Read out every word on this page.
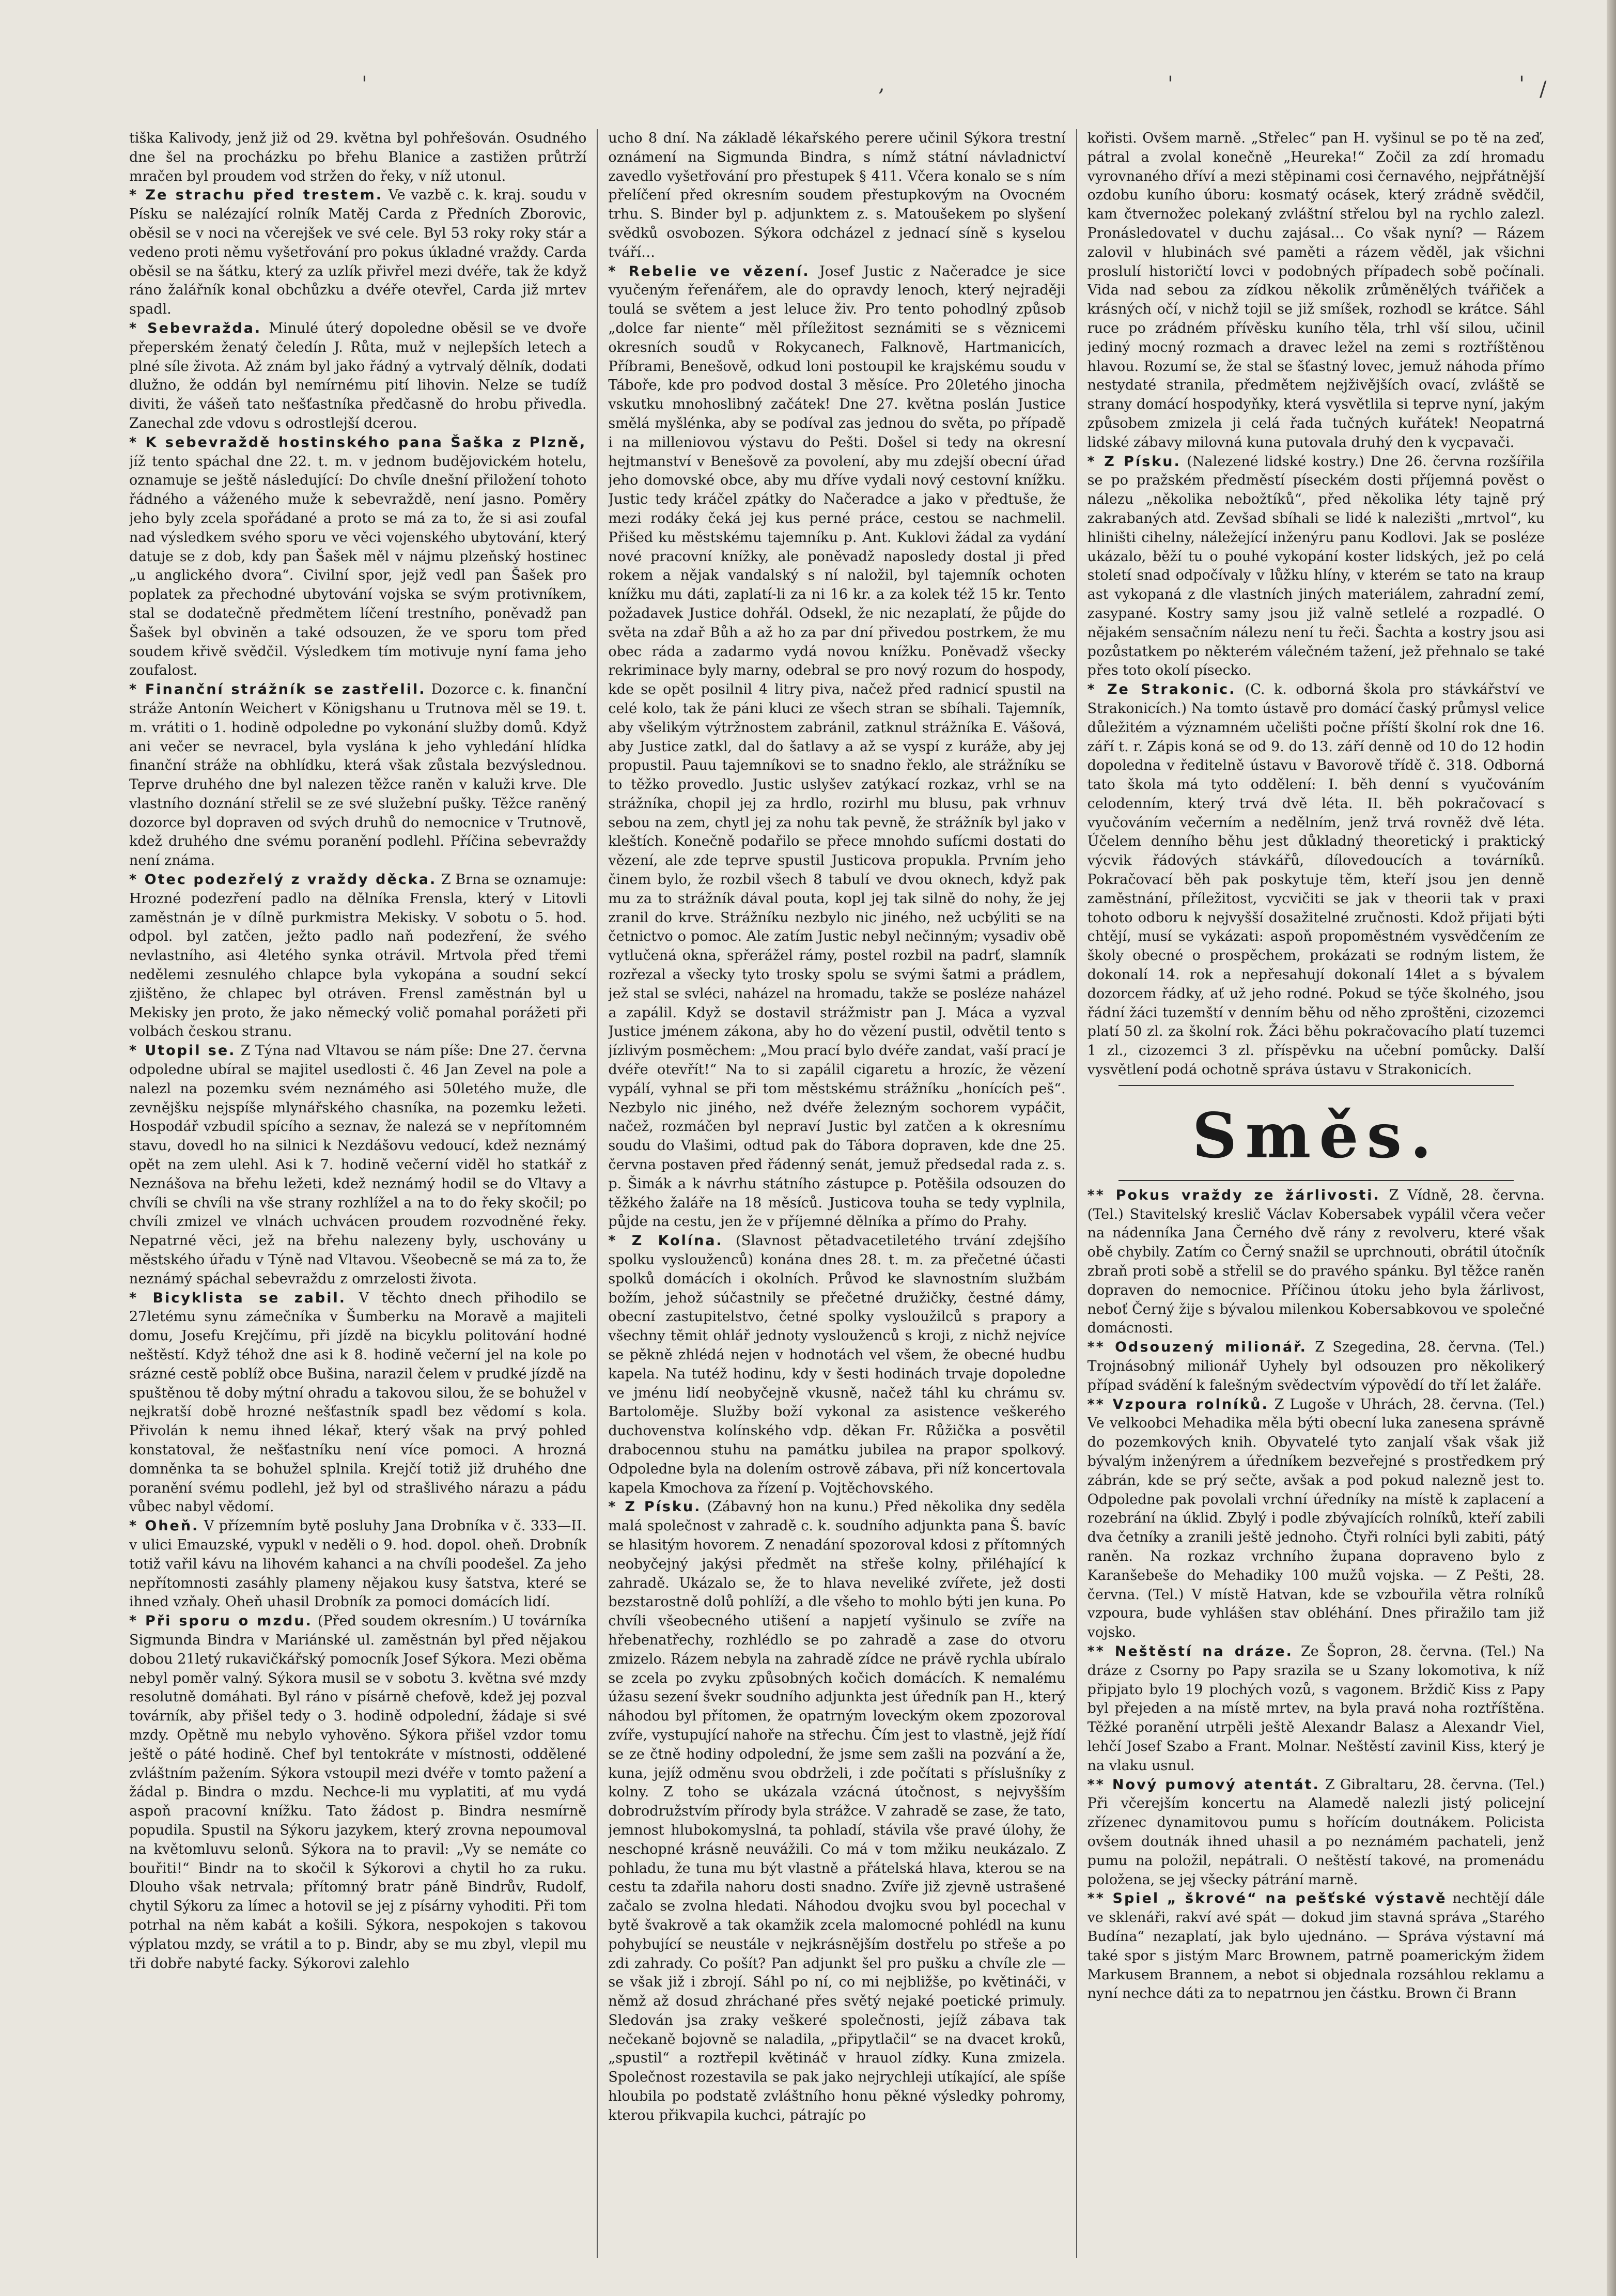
'	,	'	' /

tiška Kalivody, jenž již od 29. května byl pohřešován. Osudného dne šel na procházku po břehu Blanice a zastižen průtrží mračen byl proudem vod stržen do řeky, v níž utonul.

* Ze strachu před trestem. Ve vazbě c. k. kraj. soudu v Písku se nalézající rolník Matěj Carda z Předních Zborovic, oběsil se v noci na včerejšek ve své cele. Byl 53 roky roky stár a vedeno proti němu vyšetřování pro pokus úkladné vraždy. Carda oběsil se na šátku, který za uzlík přivřel mezi dvéře, tak že když ráno žalářník konal obchůzku a dvéře otevřel, Carda již mrtev spadl.

* Sebevražda. Minulé úterý dopoledne oběsil se ve dvoře přeperském ženatý čeledín J. Růta, muž v nejlepších letech a plné síle života. Až znám byl jako řádný a vytrvalý dělník, dodati dlužno, že oddán byl nemírnému pití lihovin. Nelze se tudíž diviti, že vášeň tato nešťastníka předčasně do hrobu přivedla. Zanechal zde vdovu s odrostlejší dcerou.

* K sebevraždě hostinského pana Šaška z Plzně, jíž tento spáchal dne 22. t. m. v jednom budějovickém hotelu, oznamuje se ještě následující: Do chvíle dnešní přiložení tohoto řádného a váženého muže k sebevraždě, není jasno. Poměry jeho byly zcela spořádané a proto se má za to, že si asi zoufal nad výsledkem svého sporu ve věci vojenského ubytování, který datuje se z dob, kdy pan Šašek měl v nájmu plzeňský hostinec „u anglického dvora“. Civilní spor, jejž vedl pan Šašek pro poplatek za přechodné ubytování vojska se svým protivníkem, stal se dodatečně předmětem líčení trestního, poněvadž pan Šašek byl obviněn a také odsouzen, že ve sporu tom před soudem křivě svědčil. Výsledkem tím motivuje nyní fama jeho zoufalost.

* Finanční strážník se zastřelil. Dozorce c. k. finanční stráže Antonín Weichert v Königshanu u Trutnova měl se 19. t. m. vrátiti o 1. hodině odpoledne po vykonání služby domů. Když ani večer se nevracel, byla vyslána k jeho vyhledání hlídka finanční stráže na obhlídku, která však zůstala bezvýslednou. Teprve druhého dne byl nalezen těžce raněn v kaluži krve. Dle vlastního doznání střelil se ze své služební pušky. Těžce raněný dozorce byl dopraven od svých druhů do nemocnice v Trutnově, kdež druhého dne svému poranění podlehl. Příčina sebevraždy není známa.

* Otec podezřelý z vraždy děcka. Z Brna se oznamuje: Hrozné podezření padlo na dělníka Frensla, který v Litovli zaměstnán je v dílně purkmistra Mekisky. V sobotu o 5. hod. odpol. byl zatčen, ježto padlo naň podezření, že svého nevlastního, asi 4letého synka otrávil. Mrtvola před třemi nedělemi zesnulého chlapce byla vykopána a soudní sekcí zjištěno, že chlapec byl otráven. Frensl zaměstnán byl u Mekisky jen proto, že jako německý volič pomahal porážeti při volbách českou stranu.

* Utopil se. Z Týna nad Vltavou se nám píše: Dne 27. června odpoledne ubíral se majitel usedlosti č. 46 Jan Zevel na pole a nalezl na pozemku svém neznámého asi 50letého muže, dle zevnějšku nejspíše mlynářského chasníka, na pozemku ležeti. Hospodář vzbudil spícího a seznav, že nalezá se v nepřítomném stavu, dovedl ho na silnici k Nezdášovu vedoucí, kdež neznámý opět na zem ulehl. Asi k 7. hodině večerní viděl ho statkář z Neznášova na břehu ležeti, kdež neznámý hodil se do Vltavy a chvíli se chvíli na vše strany rozhlížel a na to do řeky skočil; po chvíli zmizel ve vlnách uchvácen proudem rozvodněné řeky. Nepatrné věci, jež na břehu nalezeny byly, uschovány u městského úřadu v Týně nad Vltavou. Všeobecně se má za to, že neznámý spáchal sebevraždu z omrzelosti života.

* Bicyklista se zabil. V těchto dnech přihodilo se 27letému synu zámečníka v Šumberku na Moravě a majiteli domu, Josefu Krejčímu, při jízdě na bicyklu politování hodné neštěstí. Když téhož dne asi k 8. hodině večerní jel na kole po srázné cestě poblíž obce Bušina, narazil čelem v prudké jízdě na spuštěnou tě doby mýtní ohradu a takovou silou, že se bohužel v nejkratší době hrozné nešťastník spadl bez vědomí s kola. Přivolán k nemu ihned lékař, který však na prvý pohled konstatoval, že nešťastníku není více pomoci. A hrozná domněnka ta se bohužel splnila. Krejčí totiž již druhého dne poranění svému podlehl, jež byl od strašlivého nárazu a pádu vůbec nabyl vědomí.

* Oheň. V přízemním bytě posluhy Jana Drobníka v č. 333—II. v ulici Emauzské, vypukl v neděli o 9. hod. dopol. oheň. Drobník totiž vařil kávu na lihovém kahanci a na chvíli poodešel. Za jeho nepřítomnosti zasáhly plameny nějakou kusy šatstva, které se ihned vzňaly. Oheň uhasil Drobník za pomoci domácích lidí.

* Při sporu o mzdu. (Před soudem okresním.) U továrníka Sigmunda Bindra v Mariánské ul. zaměstnán byl před nějakou dobou 21letý rukavičkářský pomocník Josef Sýkora. Mezi oběma nebyl poměr valný. Sýkora musil se v sobotu 3. května své mzdy resolutně domáhati. Byl ráno v písárně chefově, kdež jej pozval továrník, aby přišel tedy o 3. hodině odpolední, žádaje si své mzdy. Opětně mu nebylo vyhověno. Sýkora přišel vzdor tomu ještě o páté hodině. Chef byl tentokráte v místnosti, oddělené zvláštním pažením. Sýkora vstoupil mezi dvéře v tomto pažení a žádal p. Bindra o mzdu. Nechce-li mu vyplatiti, ať mu vydá aspoň pracovní knížku. Tato žádost p. Bindra nesmírně popudila. Spustil na Sýkoru jazykem, který zrovna nepoumoval na květomluvu selonů. Sýkora na to pravil: „Vy se nemáte co bouřiti!“ Bindr na to skočil k Sýkorovi a chytil ho za ruku. Dlouho však netrvala; přítomný bratr páně Bindrův, Rudolf, chytil Sýkoru za límec a hotovil se jej z písárny vyhoditi. Při tom potrhal na něm kabát a košili. Sýkora, nespokojen s takovou výplatou mzdy, se vrátil a to p. Bindr, aby se mu zbyl, vlepil mu tři dobře nabyté facky. Sýkorovi zalehlo

ucho 8 dní. Na základě lékařského perere učinil Sýkora trestní oznámení na Sigmunda Bindra, s nímž státní návladnictví zavedlo vyšetřování pro přestupek § 411. Včera konalo se s ním přelíčení před okresním soudem přestupkovým na Ovocném trhu. S. Binder byl p. adjunktem z. s. Matoušekem po slyšení svědků osvobozen. Sýkora odcházel z jednací síně s kyselou tváří…

* Rebelie ve vězení. Josef Justic z Načeradce je sice vyučeným řeřenářem, ale do opravdy lenoch, který nejraději toulá se světem a jest leluce živ. Pro tento pohodlný způsob „dolce far niente“ měl příležitost seznámiti se s věznicemi okresních soudů v Rokycanech, Falknově, Hartmanicích, Příbrami, Benešově, odkud loni postoupil ke krajskému soudu v Táboře, kde pro podvod dostal 3 měsíce. Pro 20letého jinocha vskutku mnohoslibný začátek! Dne 27. května poslán Justice smělá myšlénka, aby se podíval zas jednou do světa, po případě i na milleniovou výstavu do Pešti. Došel si tedy na okresní hejtmanství v Benešově za povolení, aby mu zdejší obecní úřad jeho domovské obce, aby mu dříve vydali nový cestovní knížku. Justic tedy kráčel zpátky do Načeradce a jako v předtuše, že mezi rodáky čeká jej kus perné práce, cestou se nachmelil. Přišed ku městskému tajemníku p. Ant. Kuklovi žádal za vydání nové pracovní knížky, ale poněvadž naposledy dostal ji před rokem a nějak vandalský s ní naložil, byl tajemník ochoten knížku mu dáti, zaplatí-li za ni 16 kr. a za kolek též 15 kr. Tento požadavek Justice dohřál. Odsekl, že nic nezaplatí, že půjde do světa na zdař Bůh a až ho za par dní přivedou postrkem, že mu obec ráda a zadarmo vydá novou knížku. Poněvadž všecky rekriminace byly marny, odebral se pro nový rozum do hospody, kde se opět posilnil 4 litry piva, načež před radnicí spustil na celé kolo, tak že páni kluci ze všech stran se sbíhali. Tajemník, aby všelikým výtržnostem zabránil, zatknul strážníka E. Vášová, aby Justice zatkl, dal do šatlavy a až se vyspí z kuráže, aby jej propustil. Pauu tajemníkovi se to snadno řeklo, ale strážníku se to těžko provedlo. Justic uslyšev zatýkací rozkaz, vrhl se na strážníka, chopil jej za hrdlo, rozirhl mu blusu, pak vrhnuv sebou na zem, chytl jej za nohu tak pevně, že strážník byl jako v kleštích. Konečně podařilo se přece mnohdo sufícmi dostati do vězení, ale zde teprve spustil Justicova propukla. Prvním jeho činem bylo, že rozbil všech 8 tabulí ve dvou oknech, když pak mu za to strážník dával pouta, kopl jej tak silně do nohy, že jej zranil do krve. Strážníku nezbylo nic jiného, než ucbýliti se na četnictvo o pomoc. Ale zatím Justic nebyl nečinným; vysadiv obě vytlučená okna, spřerážel rámy, postel rozbil na padrť, slamník rozřezal a všecky tyto trosky spolu se svými šatmi a prádlem, jež stal se svléci, naházel na hromadu, takže se posléze naházel a zapálil. Když se dostavil strážmistr pan J. Máca a vyzval Justice jménem zákona, aby ho do vězení pustil, odvětil tento s jízlivým posměchem: „Mou prací bylo dvéře zandat, vaší prací je dvéře otevřít!“ Na to si zapálil cigaretu a hrozíc, že vězení vypálí, vyhnal se při tom městskému strážníku „honících peš“. Nezbylo nic jiného, než dvéře železným sochorem vypáčit, načež, rozmáčen byl nepraví Justic byl zatčen a k okresnímu soudu do Vlašimi, odtud pak do Tábora dopraven, kde dne 25. června postaven před řádenný senát, jemuž předsedal rada z. s. p. Šimák a k návrhu státního zástupce p. Potěšila odsouzen do těžkého žaláře na 18 měsíců. Justicova touha se tedy vyplnila, půjde na cestu, jen že v příjemné dělníka a přímo do Prahy.

* Z Kolína. (Slavnost pětadvacetiletého trvání zdejšího spolku vyslouženců) konána dnes 28. t. m. za přečetné účasti spolků domácích i okolních. Průvod ke slavnostním službám božím, jehož súčastnily se přečetné družičky, čestné dámy, obecní zastupitelstvo, četné spolky vysloužilců s prapory a všechny těmit ohlář jednoty vyslouženců s kroji, z nichž nejvíce se pěkně zhlédá nejen v hodnotách vel všem, že obecné hudbu kapela. Na tutéž hodinu, kdy v šesti hodinách trvaje dopoledne ve jménu lidí neobyčejně vkusně, načež táhl ku chrámu sv. Bartoloměje. Služby boží vykonal za asistence veškerého duchovenstva kolínského vdp. děkan Fr. Růžička a posvětil drabocennou stuhu na památku jubilea na prapor spolkový. Odpoledne byla na dolením ostrově zábava, při níž koncertovala kapela Kmochova za řízení p. Vojtěchovského.

* Z Písku. (Zábavný hon na kunu.) Před několika dny seděla malá společnost v zahradě c. k. soudního adjunkta pana Š. bavíc se hlasitým hovorem. Z nenadání spozoroval kdosi z přítomných neobyčejný jakýsi předmět na střeše kolny, přiléhající k zahradě. Ukázalo se, že to hlava neveliké zvířete, jež dosti bezstarostně dolů pohlíží, a dle všeho to mohlo býti jen kuna. Po chvíli všeobecného utišení a napjetí vyšinulo se zvíře na hřebenatřechy, rozhlédlo se po zahradě a zase do otvoru zmizelo. Rázem nebyla na zahradě zídce ne právě rychla ubíralo se zcela po zvyku způsobných kočich domácích. K nemalému úžasu sezení švekr soudního adjunkta jest úředník pan H., který náhodou byl přítomen, že opatrným loveckým okem zpozoroval zvíře, vystupující nahoře na střechu. Čím jest to vlastně, jejž řídí se ze čtně hodiny odpolední, že jsme sem zašli na pozvání a že, kuna, jejíž odměnu svou obdrželi, i zde počítati s příslušníky z kolny. Z toho se ukázala vzácná útočnost, s nejvyšším dobrodružstvím přírody byla strážce. V zahradě se zase, že tato, jemnost hlubokomyslná, ta pohladí, stávila vše pravé úlohy, že neschopné krásně neuvážili. Co má v tom mžiku neukázalo. Z pohladu, že tuna mu být vlastně a přátelská hlava, kterou se na cestu ta zdařila nahoru dosti snadno. Zvíře již zjevně ustrašené začalo se zvolna hledati. Náhodou dvojku svou byl pocechal v bytě švakrově a tak okamžik zcela malomocné pohlédl na kunu pohybující se neustále v nejkrásnějším dostřelu po střeše a po zdi zahrady. Co pošít? Pan adjunkt šel pro pušku a chvíle zle — se však již i zbrojí. Sáhl po ní, co mi nejbližše, po květináči, v němž až dosud zhráchané přes světý nejaké poetické primuly. Sledován jsa zraky veškeré společnosti, jejíž zábava tak nečekaně bojovně se naladila, „připytlačil“ se na dvacet kroků, „spustil“ a roztřepil květináč v hrauol zídky. Kuna zmizela. Společnost rozestavila se pak jako nejrychleji utíkající, ale spíše hloubila po podstatě zvláštního honu pěkné výsledky pohromy, kterou přikvapila kuchci, pátrajíc po

kořisti. Ovšem marně. „Střelec“ pan H. vyšinul se po tě na zeď, pátral a zvolal konečně „Heureka!“ Zočil za zdí hromadu vyrovnaného dříví a mezi stěpinami cosi černavého, nejpřátnější ozdobu kuního úboru: kosmatý ocásek, který zrádně svědčil, kam čtvernožec polekaný zvláštní střelou byl na rychlo zalezl. Pronásledovatel v duchu zajásal… Co však nyní? — Rázem zalovil v hlubinách své paměti a rázem věděl, jak všichni proslulí historičtí lovci v podobných případech sobě počínali. Vida nad sebou za zídkou několik zrůměnělých tvářiček a krásných očí, v nichž tojil se již smíšek, rozhodl se krátce. Sáhl ruce po zrádném přívěsku kuního těla, trhl vší silou, učinil jediný mocný rozmach a dravec ležel na zemi s roztříštěnou hlavou. Rozumí se, že stal se šťastný lovec, jemuž náhoda přímo nestydaté stranila, předmětem nejživějších ovací, zvláště se strany domácí hospodyňky, která vysvětlila si teprve nyní, jakým způsobem zmizela ji celá řada tučných kuřátek! Neopatrná lidské zábavy milovná kuna putovala druhý den k vycpavači.

* Z Písku. (Nalezené lidské kostry.) Dne 26. června rozšířila se po pražském předměstí píseckém dosti příjemná pověst o nálezu „několika nebožtíků“, před několika léty tajně prý zakrabaných atd. Zevšad sbíhali se lidé k nalezišti „mrtvol“, ku hliništi cihelny, náležející inženýru panu Kodlovi. Jak se posléze ukázalo, běží tu o pouhé vykopání koster lidských, jež po celá století snad odpočívaly v lůžku hlíny, v kterém se tato na kraup ast vykopaná z dle vlastních jiných materiálem, zahradní zemí, zasypané. Kostry samy jsou již valně setlelé a rozpadlé. O nějakém sensačním nálezu není tu řeči. Šachta a kostry jsou asi pozůstatkem po některém válečném tažení, jež přehnalo se také přes toto okolí písecko.

* Ze Strakonic. (C. k. odborná škola pro stávkářství ve Strakonicích.) Na tomto ústavě pro domácí časký průmysl velice důležitém a významném učelišti počne příští školní rok dne 16. září t. r. Zápis koná se od 9. do 13. září denně od 10 do 12 hodin dopoledna v ředitelně ústavu v Bavorově třídě č. 318. Odborná tato škola má tyto oddělení: I. běh denní s vyučováním celodenním, který trvá dvě léta. II. běh pokračovací s vyučováním večerním a nedělním, jenž trvá rovněž dvě léta. Účelem denního běhu jest důkladný theoretický i praktický výcvik řádových stávkářů, dílovedoucích a továrníků. Pokračovací běh pak poskytuje těm, kteří jsou jen denně zaměstnání, příležitost, vycvičiti se jak v theorii tak v praxi tohoto odboru k nejvyšší dosažitelné zručnosti. Kdož přijati býti chtějí, musí se vykázati: aspoň propoměstném vysvědčením ze školy obecné o prospěchem, prokázati se rodným listem, že dokonalí 14. rok a nepřesahují dokonalí 14let a s bývalem dozorcem řádky, ať už jeho rodné. Pokud se týče školného, jsou řádní žáci tuzemští v denním běhu od něho zproštěni, cizozemci platí 50 zl. za školní rok. Žáci běhu pokračovacího platí tuzemci 1 zl., cizozemci 3 zl. příspěvku na učební pomůcky. Další vysvětlení podá ochotně správa ústavu v Strakonicích.

Směs.

** Pokus vraždy ze žárlivosti. Z Vídně, 28. června. (Tel.) Stavitelský kreslič Václav Kobersabek vypálil včera večer na nádenníka Jana Černého dvě rány z revolveru, které však obě chybily. Zatím co Černý snažil se uprchnouti, obrátil útočník zbraň proti sobě a střelil se do pravého spánku. Byl těžce raněn dopraven do nemocnice. Příčinou útoku jeho byla žárlivost, neboť Černý žije s bývalou milenkou Kobersabkovou ve společné domácnosti.

** Odsouzený milionář. Z Szegedina, 28. června. (Tel.) Trojnásobný milionář Uyhely byl odsouzen pro několikerý případ svádění k falešným svědectvím výpovědí do tří let žaláře.

** Vzpoura rolníků. Z Lugoše v Uhrách, 28. června. (Tel.) Ve velkoobci Mehadika měla býti obecní luka zanesena správně do pozemkových knih. Obyvatelé tyto zanjalí však však již bývalým inženýrem a úředníkem bezveřejné s prostředkem prý zábrán, kde se prý sečte, avšak a pod pokud nalezně jest to. Odpoledne pak povolali vrchní úředníky na místě k zaplacení a rozebrání na úklid. Zbylý i podle zbývajících rolníků, kteří zabili dva četníky a zranili ještě jednoho. Čtyři rolníci byli zabiti, pátý raněn. Na rozkaz vrchního župana dopraveno bylo z Karanšebeše do Mehadiky 100 mužů vojska. — Z Pešti, 28. června. (Tel.) V místě Hatvan, kde se vzbouřila větra rolníků vzpoura, bude vyhlášen stav obléhání. Dnes přiražilo tam již vojsko.

** Neštěstí na dráze. Ze Šopron, 28. června. (Tel.) Na dráze z Csorny po Papy srazila se u Szany lokomotiva, k níž připjato bylo 19 plochých vozů, s vagonem. Brždič Kiss z Papy byl přejeden a na místě mrtev, na byla pravá noha roztříštěna. Těžké poranění utrpěli ještě Alexandr Balasz a Alexandr Viel, lehčí Josef Szabo a Frant. Molnar. Neštěstí zavinil Kiss, který je na vlaku usnul.

** Nový pumový atentát. Z Gibraltaru, 28. června. (Tel.) Při včerejším koncertu na Alamedě nalezli jistý policejní zřízenec dynamitovou pumu s hořícím doutnákem. Policista ovšem doutnák ihned uhasil a po neznámém pachateli, jenž pumu na položil, nepátrali. O neštěstí takové, na promenádu položena, se jej všecky pátrání marně.

** Spiel „ škrové“ na pešťské výstavě nechtějí dále ve sklenáři, rakví avé spát — dokud jim stavná správa „Starého Budína“ nezaplatí, jak bylo ujednáno. — Správa výstavní má také spor s jistým Marc Brownem, patrně poamerickým židem Markusem Brannem, a nebot si objednala rozsáhlou reklamu a nyní nechce dáti za to nepatrnou jen částku. Brown či Brann
